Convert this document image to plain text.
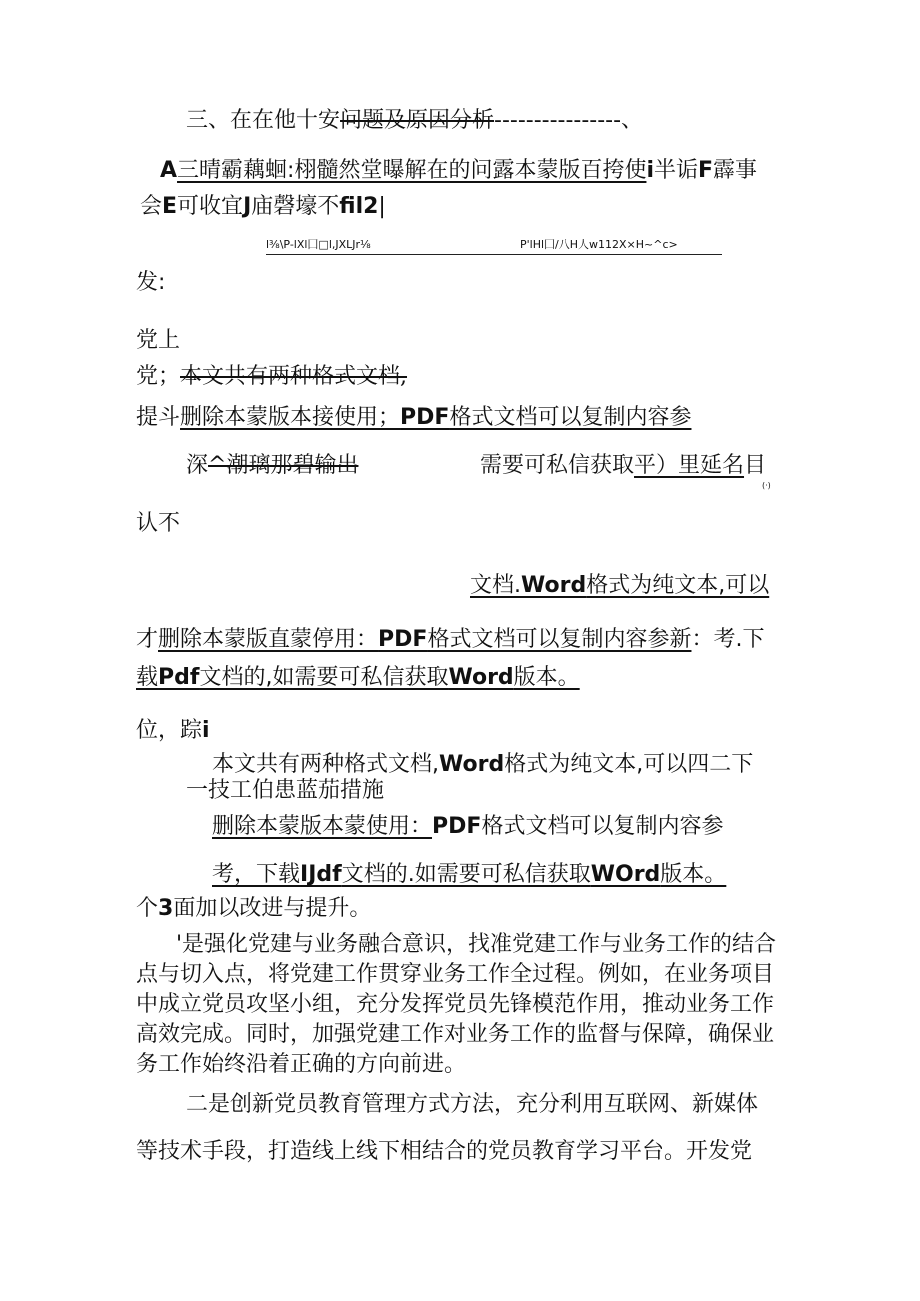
三、在在他十安问题及原因分析----------------、
A三晴霸藕蛔:栩髓然堂曝解在的问露本蒙版百挎使i半诟F霹事
会E可收宜J庙磬壕不fil2|
l⅜\P-lXl囗□l,JXLJr⅛	P'lHl囗/八H人w112X×H~^c>
发:
党上
党；本文共有两种格式文档,
提斗删除本蒙版本接使用；PDF格式文档可以复制内容参
深^潮璃那碧输出	需要可私信获取平）里延名目
(·)
认不
文档.Word格式为纯文本,可以
才删除本蒙版直蒙停用：PDF格式文档可以复制内容参新：考.下
载Pdf文档的,如需要可私信获取Word版本。
位，踪i
本文共有两种格式文档,Word格式为纯文本,可以四二下
一技工伯患蓝茄措施
删除本蒙版本蒙使用：PDF格式文档可以复制内容参
考，下载IJdf文档的.如需要可私信获取WOrd版本。
个3面加以改进与提升。
'是强化党建与业务融合意识，找准党建工作与业务工作的结合点与切入点，将党建工作贯穿业务工作全过程。例如，在业务项目中成立党员攻坚小组，充分发挥党员先锋模范作用，推动业务工作高效完成。同时，加强党建工作对业务工作的监督与保障，确保业务工作始终沿着正确的方向前进。
二是创新党员教育管理方式方法，充分利用互联网、新媒体
等技术手段，打造线上线下相结合的党员教育学习平台。开发党
